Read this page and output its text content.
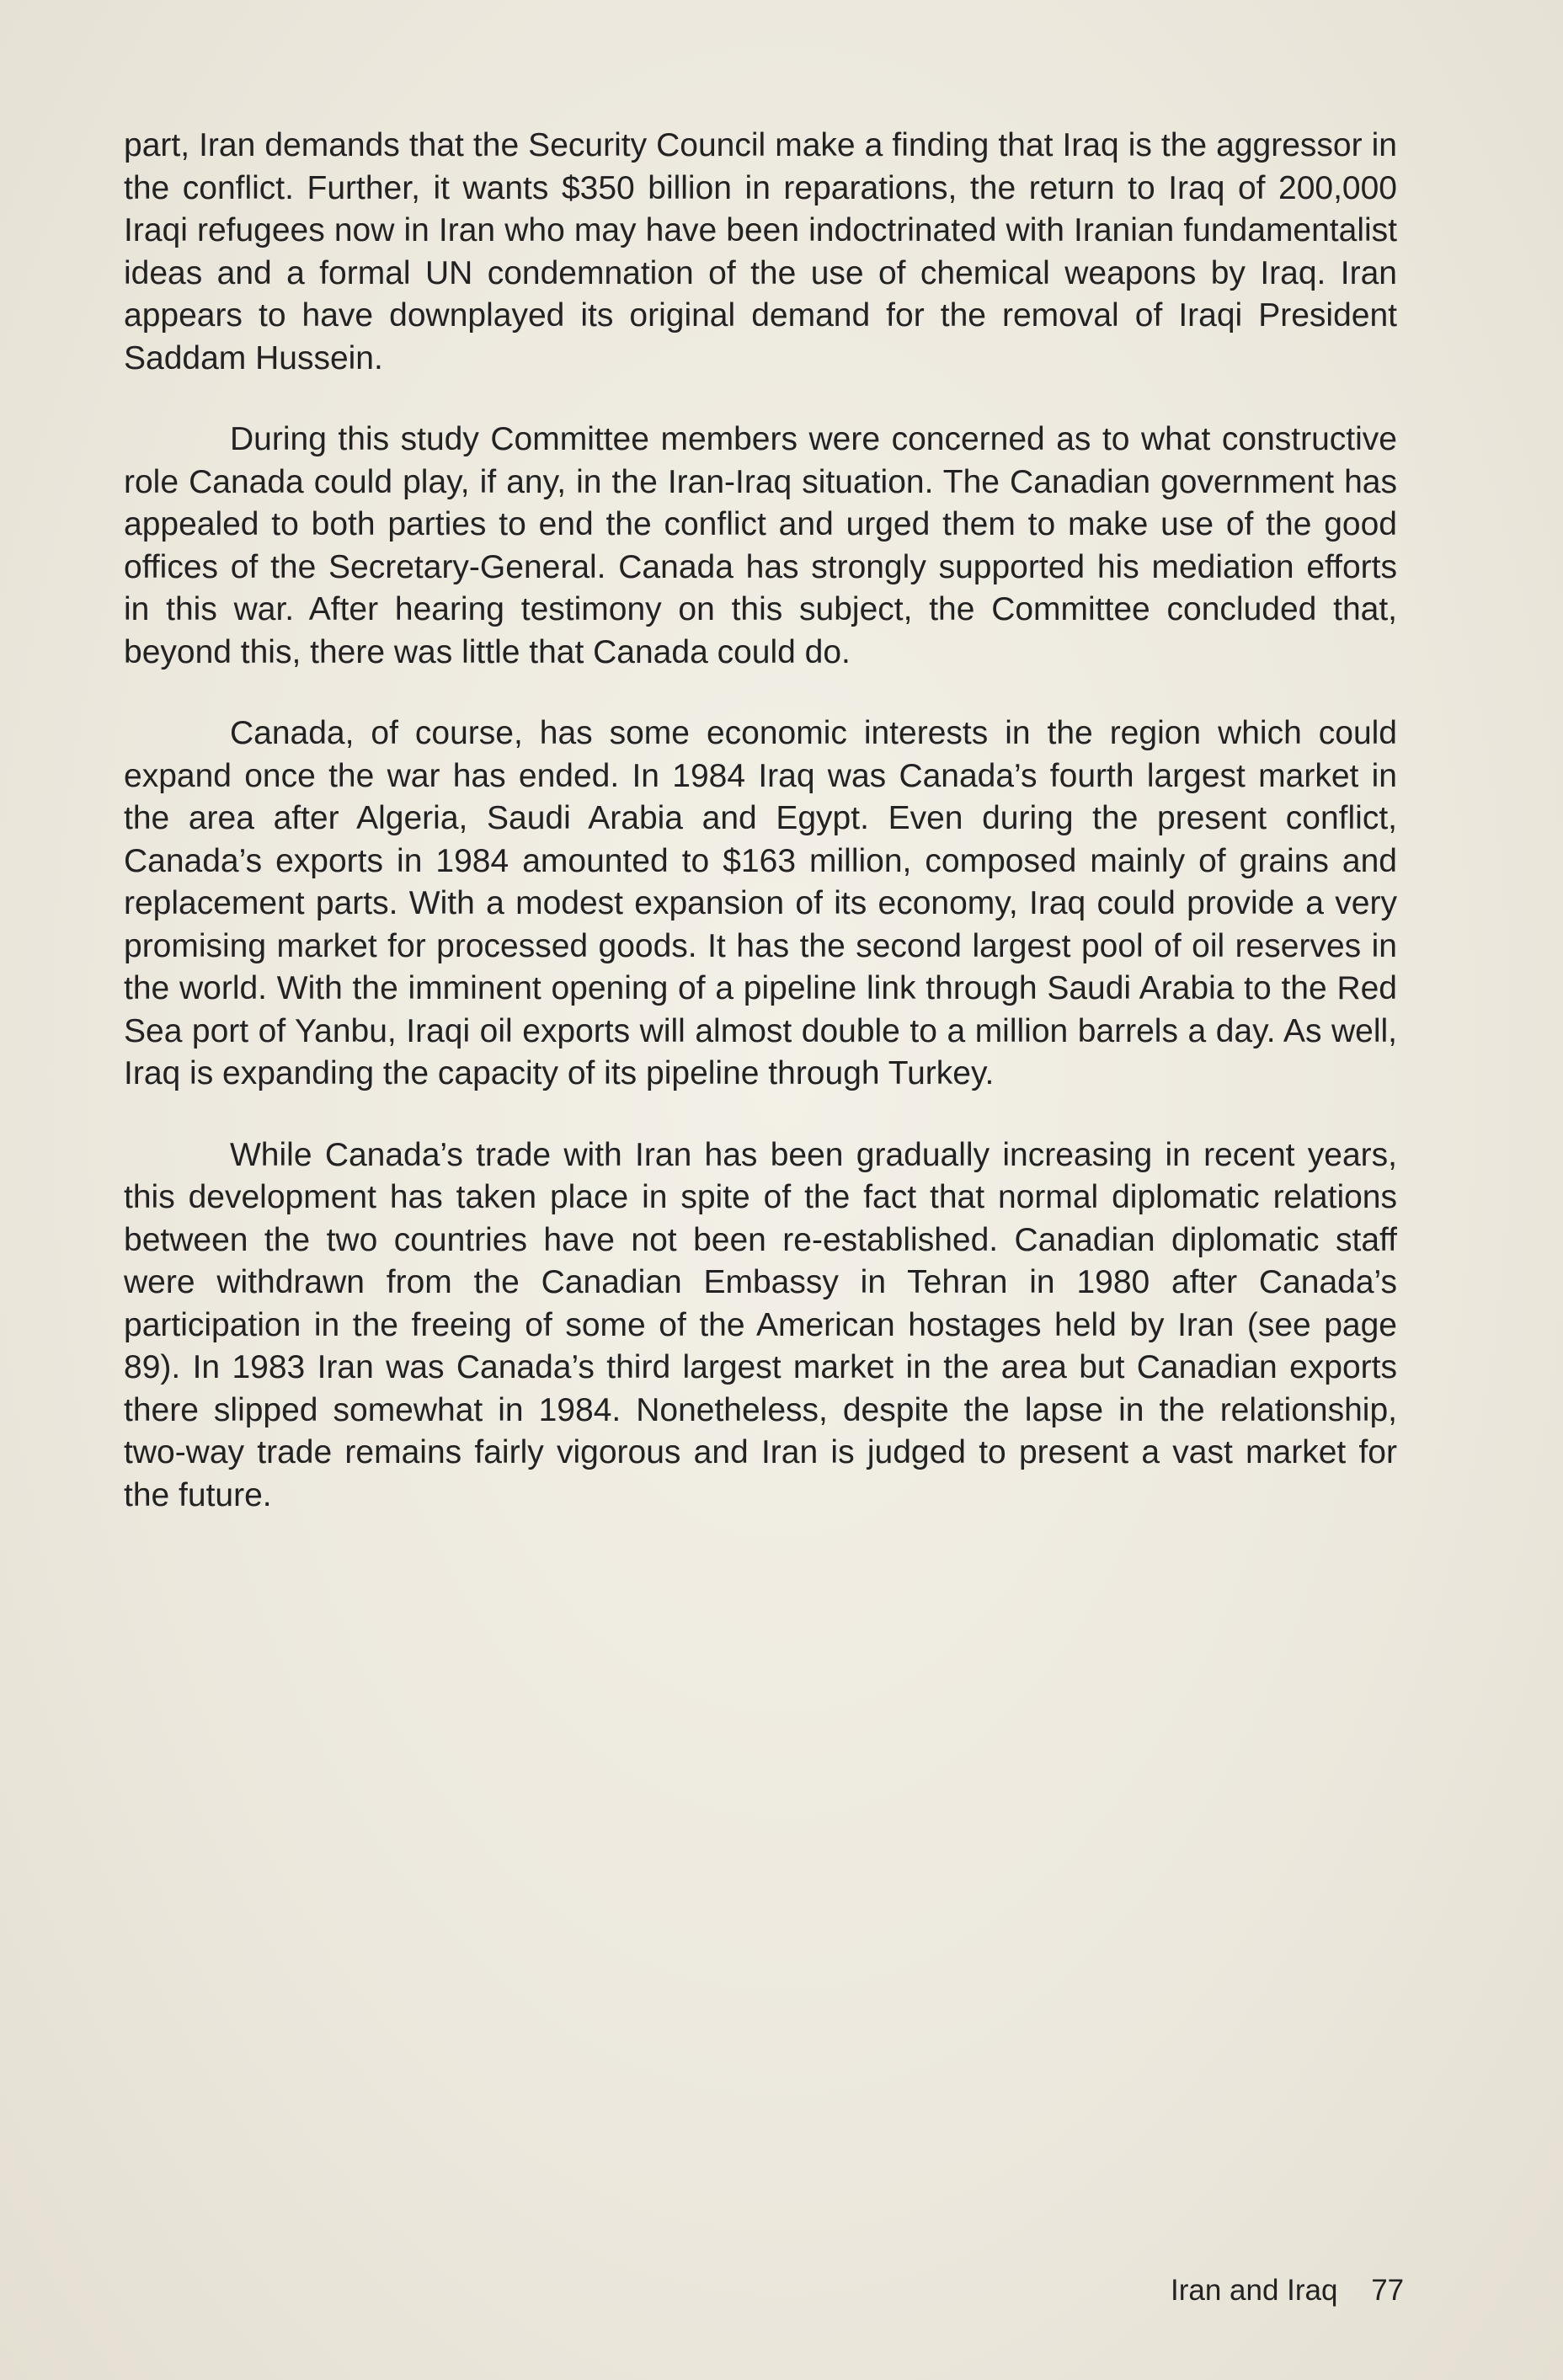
part, Iran demands that the Security Council make a finding that Iraq is the aggressor in the conflict. Further, it wants $350 billion in reparations, the return to Iraq of 200,000 Iraqi refugees now in Iran who may have been indoctrinated with Iranian fundamentalist ideas and a formal UN condemnation of the use of chemical weapons by Iraq. Iran appears to have downplayed its original demand for the removal of Iraqi President Saddam Hussein.

During this study Committee members were concerned as to what constructive role Canada could play, if any, in the Iran-Iraq situation. The Canadian government has appealed to both parties to end the conflict and urged them to make use of the good offices of the Secretary-General. Canada has strongly supported his mediation efforts in this war. After hearing testimony on this subject, the Committee concluded that, beyond this, there was little that Canada could do.

Canada, of course, has some economic interests in the region which could expand once the war has ended. In 1984 Iraq was Canada’s fourth largest market in the area after Algeria, Saudi Arabia and Egypt. Even during the present conflict, Canada’s exports in 1984 amounted to $163 million, composed mainly of grains and replacement parts. With a modest expansion of its economy, Iraq could provide a very promising market for processed goods. It has the second largest pool of oil reserves in the world. With the imminent opening of a pipeline link through Saudi Arabia to the Red Sea port of Yanbu, Iraqi oil exports will almost double to a million barrels a day. As well, Iraq is expanding the capacity of its pipeline through Turkey.

While Canada’s trade with Iran has been gradually increasing in recent years, this development has taken place in spite of the fact that normal diplomatic relations between the two countries have not been re-established. Canadian diplomatic staff were withdrawn from the Canadian Embassy in Tehran in 1980 after Canada’s participation in the freeing of some of the American hostages held by Iran (see page 89). In 1983 Iran was Canada’s third largest market in the area but Canadian exports there slipped somewhat in 1984. Nonetheless, despite the lapse in the relationship, two-way trade remains fairly vigorous and Iran is judged to present a vast market for the future.

Iran and Iraq 77
